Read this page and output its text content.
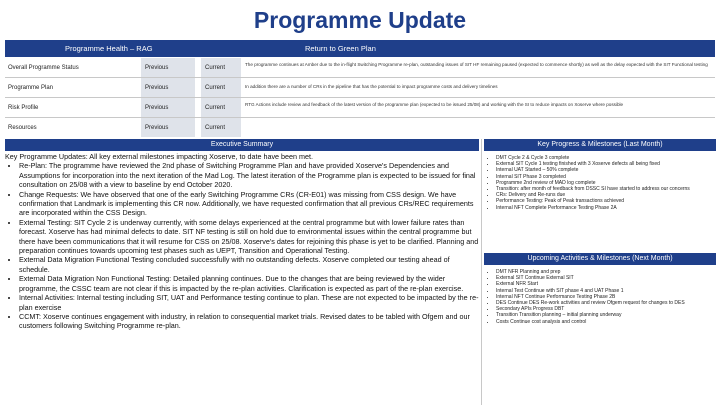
Programme Update
Programme Health – RAG	Return to Green Plan
Overall Programme Status	Previous	Current	The programme continues at Amber due to the in-flight Switching Programme re-plan, outstanding issues of SIT HF remaining paused (expected to commence shortly) as well as the delay expected with the SIT Functional testing
Programme Plan	Previous	Current	In addition there are a number of CRs in the pipeline that has the potential to impact programme costs and delivery timelines
Risk Profile	Previous	Current	RTG Actions include review and feedback of the latest version of the programme plan (expected to be issued 25/08) and working with the SI to reduce impacts on Xoserve where possible
Resources	Previous	Current
Executive Summary	Key Progress & Milestones (Last Month)

Key Programme Updates: All key external milestones impacting Xoserve, to date have been met.

• Re-Plan: The programme have reviewed the 2nd phase of Switching Programme Plan and have provided Xoserve's Dependencies and Assumptions for incorporation into the next iteration of the Mad Log. The latest iteration of the Programme plan is expected to be issued for final consultation on 25/08 with a view to baseline by end October 2020.
• Change Requests: We have observed that one of the early Switching Programme CRs (CR-E01) was missing from CSS design. We have confirmation that Landmark is implementing this CR now. Additionally, we have requested confirmation that all previous CRs/REC requirements are incorporated within the CSS Design.
• External Testing: SIT Cycle 2 is underway currently, with some delays experienced at the central programme but with lower failure rates than forecast. Xoserve has had minimal defects to date. SIT NF testing is still on hold due to environmental issues within the central programme but there have been communications that it will resume for CSS on 25/08. Xoserve's dates for rejoining this phase is yet to be clarified. Planning and preparation continues towards upcoming test phases such as UEPT, Transition and Operational Testing.
• External Data Migration Functional Testing concluded successfully with no outstanding defects. Xoserve completed our testing ahead of schedule.
• External Data Migration Non Functional Testing: Detailed planning continues. Due to the changes that are being reviewed by the wider programme, the CSSC team are not clear if this is impacted by the re-plan activities. Clarification is expected as part of the re-plan exercise.
• Internal Activities: Internal testing including SIT, UAT and Performance testing continue to plan. These are not expected to be impacted by the re-plan exercise
• CCMT: Xoserve continues engagement with industry, in relation to consequential market trials. Revised dates to be tabled with Ofgem and our customers following Switching Programme re-plan.
• DMT Cycle 2 & Cycle 3 complete
• External SIT Cycle 1 testing finished with 3 Xoserve defects all being fixed
• Internal UAT Started – 50% complete
• Internal SIT Phase 3 completed
• Programme 2nd review of MAD log complete
• Transition: after month of feedback from DSSC SI have started to address our concerns
• CRs: Delivery and Re-runs due
• Performance Testing: Peak of Peak transactions achieved
• Internal NFT Complete Performance Testing Phase 2A
Upcoming Activities & Milestones (Next Month)
• DMT NFR Planning and prep
• External SIT Continue External SIT
• External NFR Start
• Internal Test Continue with SIT phase 4 and UAT Phase 1
• Internal NFT Continue Performance Testing Phase 2B
• DES Continue DES Re-work activities and review Ofgem request for changes to DES
• Secondary APIs Progress DBT
• Transition Transition planning – initial planning underway
• Costs Continue cost analysis and control
